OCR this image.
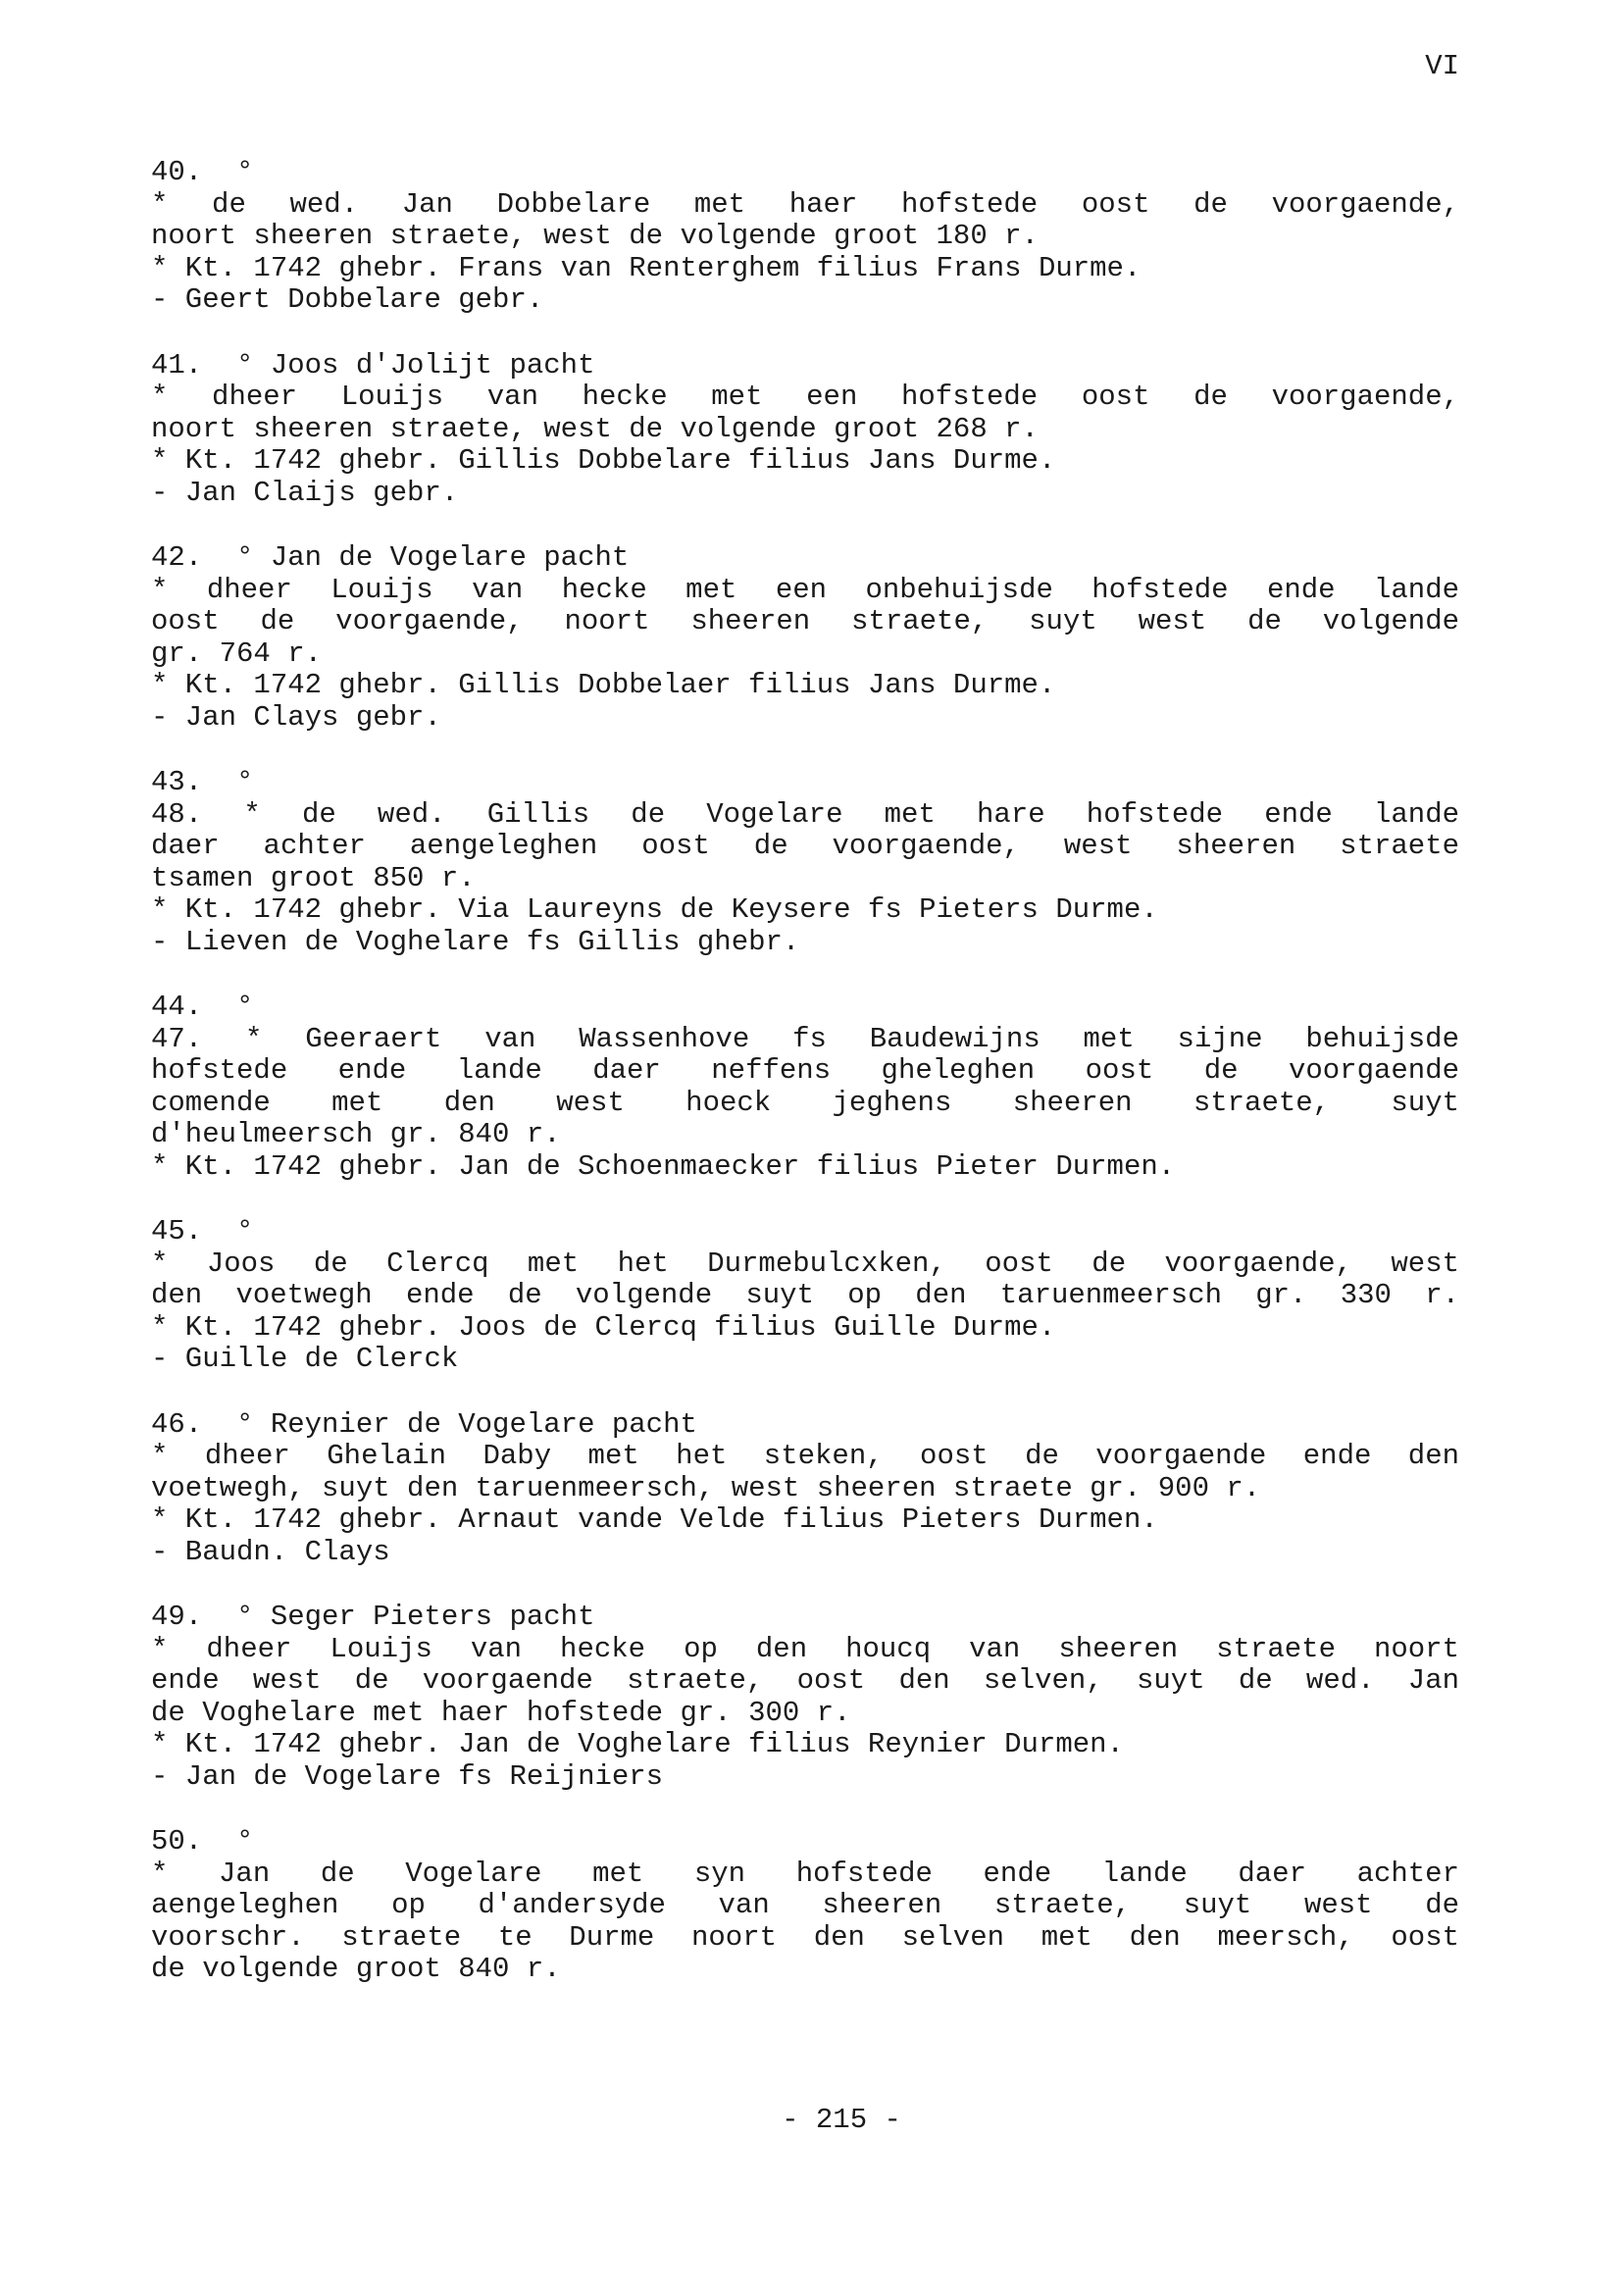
VI
40.  °
* de wed. Jan Dobbelare met haer hofstede oost de voorgaende,
noort sheeren straete, west de volgende groot 180 r.
* Kt. 1742 ghebr. Frans van Renterghem filius Frans Durme.
- Geert Dobbelare gebr.
41.  ° Joos d'Jolijt pacht
* dheer Louijs van hecke met een hofstede oost de voorgaende,
noort sheeren straete, west de volgende groot 268 r.
* Kt. 1742 ghebr. Gillis Dobbelare filius Jans Durme.
- Jan Claijs gebr.
42.  ° Jan de Vogelare pacht
* dheer Louijs van hecke met een onbehuijsde hofstede ende lande
oost de voorgaende, noort sheeren straete, suyt west de volgende
gr. 764 r.
* Kt. 1742 ghebr. Gillis Dobbelaer filius Jans Durme.
- Jan Clays gebr.
43.  °
48. * de wed. Gillis de Vogelare met hare hofstede ende lande
daer achter aengeleghen oost de voorgaende, west sheeren straete
tsamen groot 850 r.
* Kt. 1742 ghebr. Via Laureyns de Keysere fs Pieters Durme.
- Lieven de Voghelare fs Gillis ghebr.
44.  °
47. * Geeraert van Wassenhove fs Baudewijns met sijne behuijsde
hofstede ende lande daer neffens gheleghen oost de voorgaende
comende met den west hoeck jeghens sheeren straete, suyt
d'heulmeersch gr. 840 r.
* Kt. 1742 ghebr. Jan de Schoenmaecker filius Pieter Durmen.
45.  °
* Joos de Clercq met het Durmebulcxken, oost de voorgaende, west
den voetwegh ende de volgende suyt op den taruenmeersch gr. 330 r.
* Kt. 1742 ghebr. Joos de Clercq filius Guille Durme.
- Guille de Clerck
46.  ° Reynier de Vogelare pacht
* dheer Ghelain Daby met het steken, oost de voorgaende ende den
voetwegh, suyt den taruenmeersch, west sheeren straete gr. 900 r.
* Kt. 1742 ghebr. Arnaut vande Velde filius Pieters Durmen.
- Baudn. Clays
49.  ° Seger Pieters pacht
* dheer Louijs van hecke op den houcq van sheeren straete noort
ende west de voorgaende straete, oost den selven, suyt de wed. Jan
de Voghelare met haer hofstede gr. 300 r.
* Kt. 1742 ghebr. Jan de Voghelare filius Reynier Durmen.
- Jan de Vogelare fs Reijniers
50.  °
* Jan de Vogelare met syn hofstede ende lande daer achter
aengeleghen op d'andersyde van sheeren straete, suyt west de
voorschr. straete te Durme noort den selven met den meersch, oost
de volgende groot 840 r.
- 215 -
